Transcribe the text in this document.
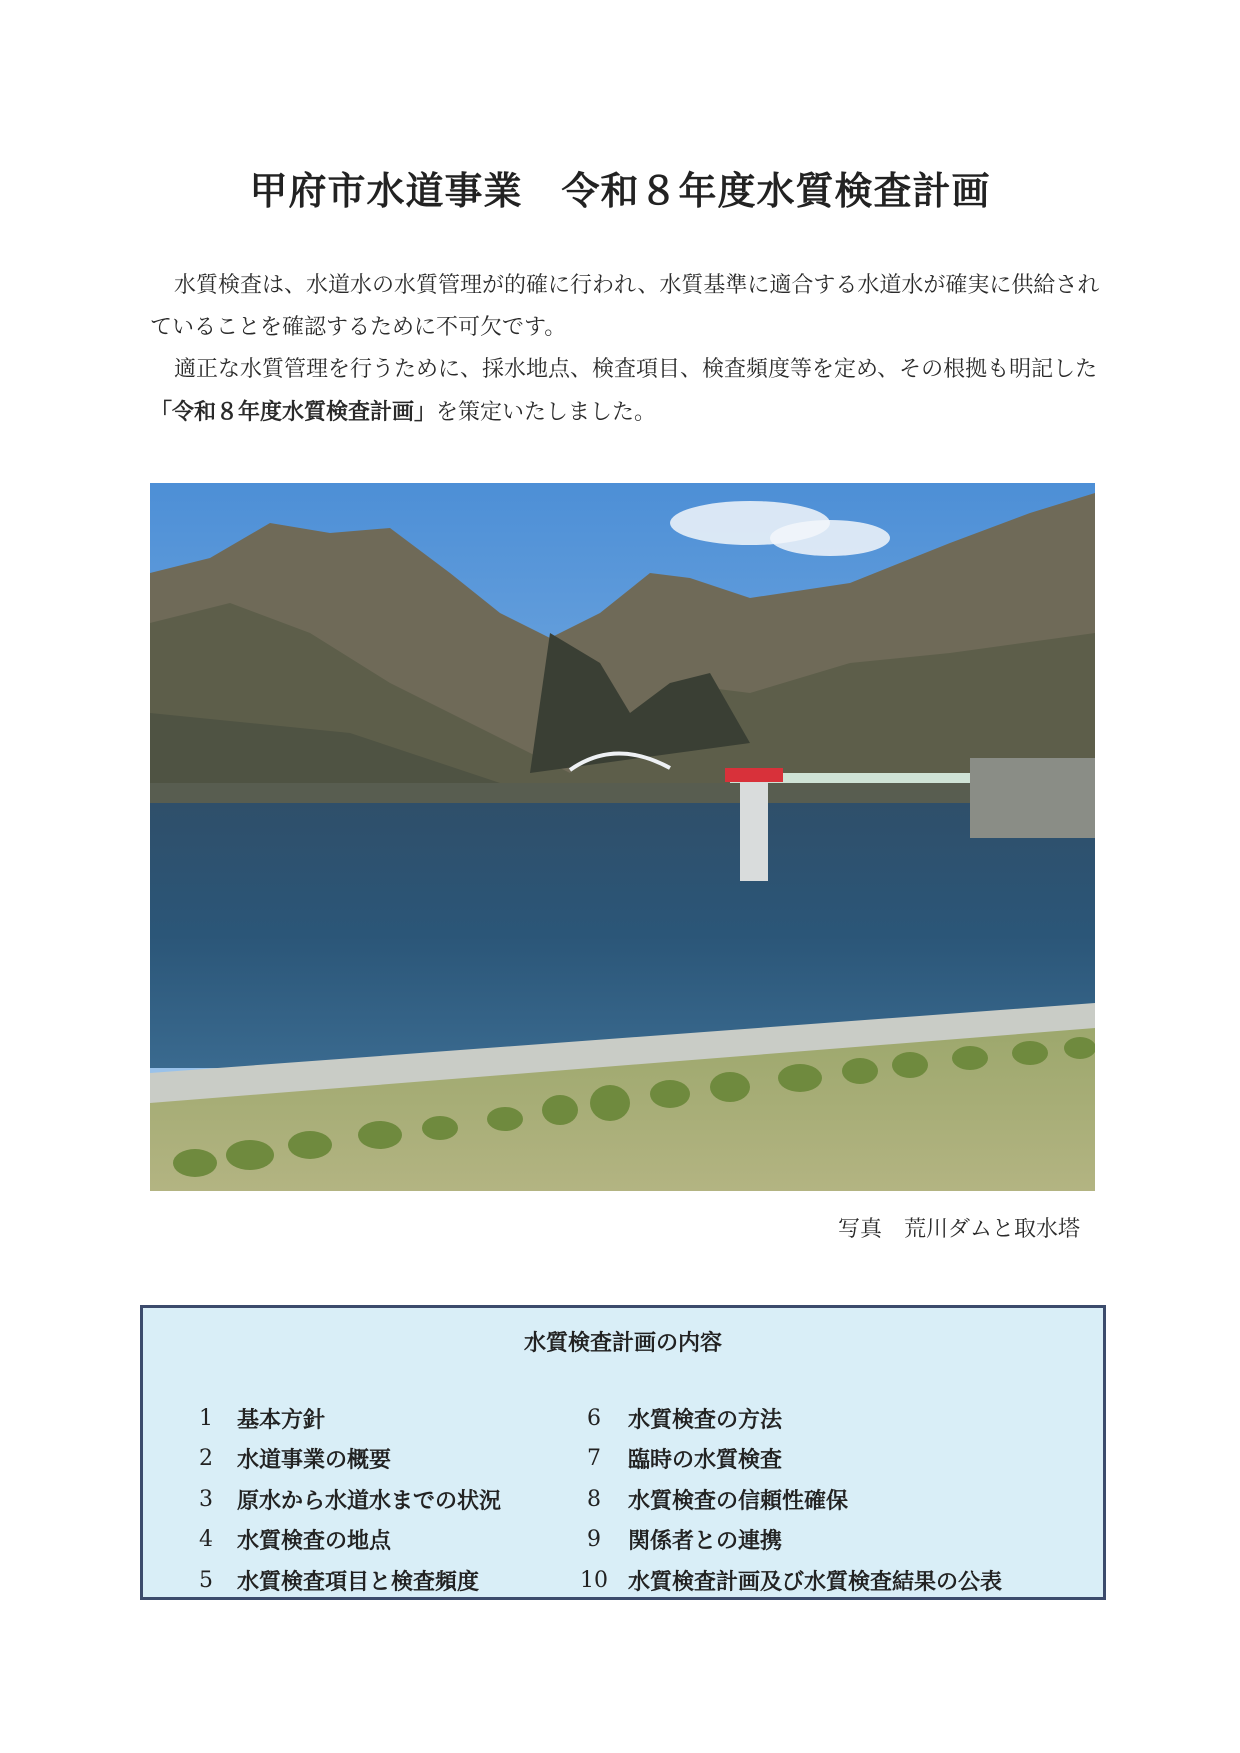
甲府市水道事業　令和８年度水質検査計画

水質検査は、水道水の水質管理が的確に行われ、水質基準に適合する水道水が確実に供給されていることを確認するために不可欠です。

適正な水質管理を行うために、採水地点、検査項目、検査頻度等を定め、その根拠も明記した「令和８年度水質検査計画」を策定いたしました。

写真　荒川ダムと取水塔
水質検査計画の内容
1	基本方針
2	水道事業の概要
3	原水から水道水までの状況
4	水質検査の地点
5	水質検査項目と検査頻度
6	水質検査の方法
7	臨時の水質検査
8	水質検査の信頼性確保
9	関係者との連携
10 水質検査計画及び水質検査結果の公表
